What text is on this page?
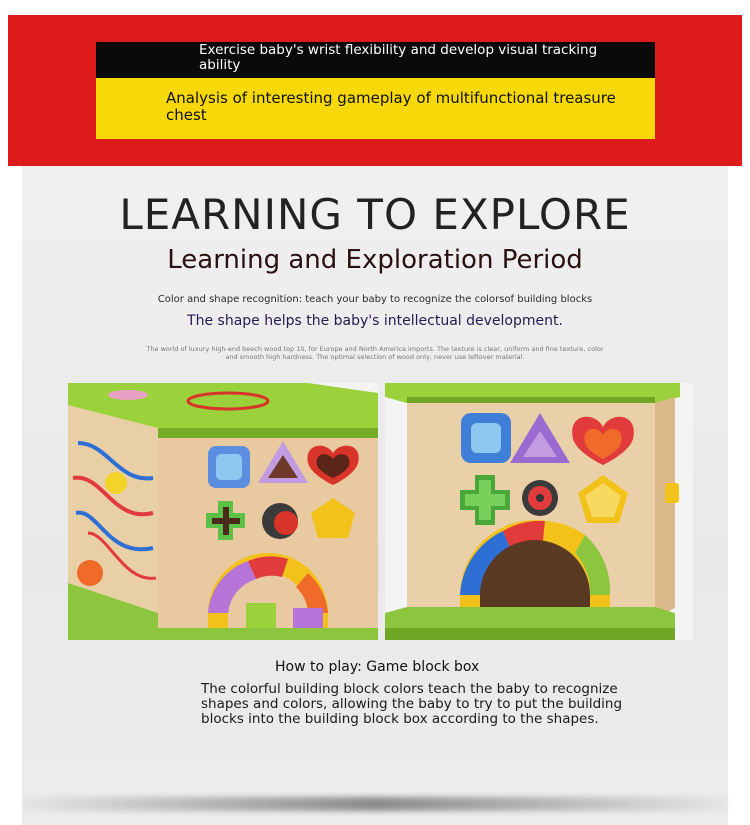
Exercise baby's wrist flexibility and develop visual tracking ability
Analysis of interesting gameplay of multifunctional treasure chest
LEARNING TO EXPLORE
Learning and Exploration Period
Color and shape recognition: teach your baby to recognize the colorsof building blocks
The shape helps the baby's intellectual development.
The world of luxury high-end beech wood top 10, for Europe and North America imports. The texture is clear, uniform and fine texture, color and smooth high hardness. The optimal selection of wood only, never use leftover material.
How to play: Game block box
The colorful building block colors teach the baby to recognize shapes and colors, allowing the baby to try to put the building blocks into the building block box according to the shapes.
